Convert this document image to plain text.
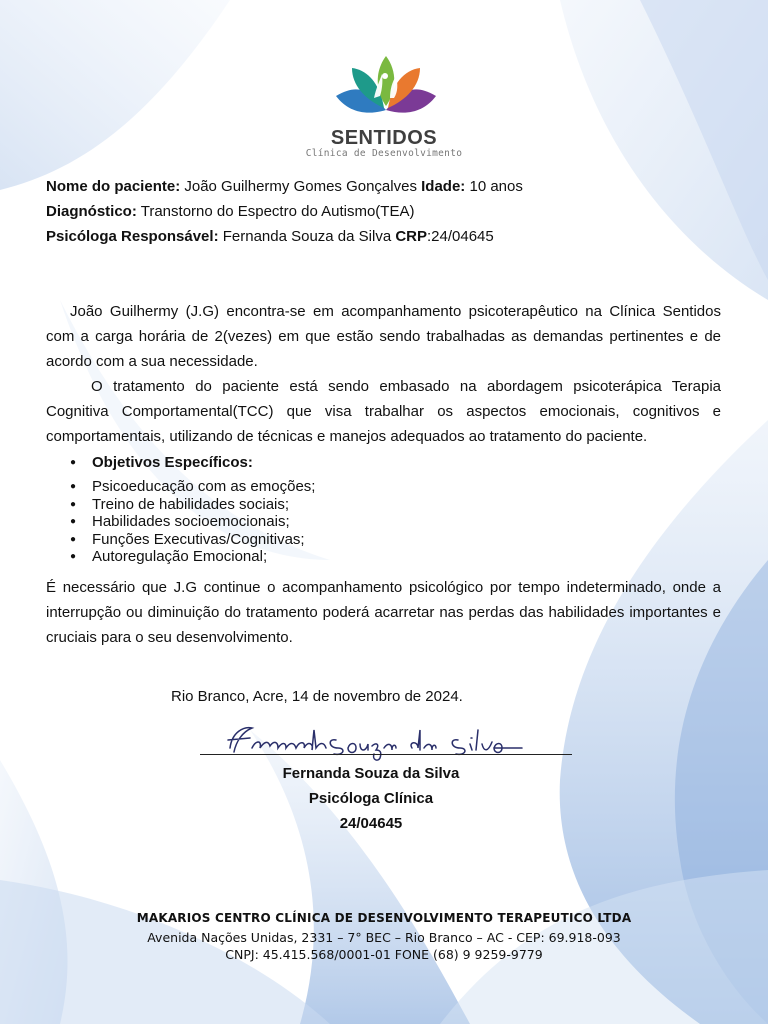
SENTIDOS
Clínica de Desenvolvimento
Nome do paciente: João Guilhermy Gomes Gonçalves Idade: 10 anos
Diagnóstico: Transtorno do Espectro do Autismo(TEA)
Psicóloga Responsável: Fernanda Souza da Silva CRP:24/04645
João Guilhermy (J.G) encontra-se em acompanhamento psicoterapêutico na Clínica Sentidos com a carga horária de 2(vezes) em que estão sendo trabalhadas as demandas pertinentes e de acordo com a sua necessidade.
O tratamento do paciente está sendo embasado na abordagem psicoterápica Terapia Cognitiva Comportamental(TCC) que visa trabalhar os aspectos emocionais, cognitivos e comportamentais, utilizando de técnicas e manejos adequados ao tratamento do paciente.
● Objetivos Específicos:
● Psicoeducação com as emoções;
● Treino de habilidades sociais;
● Habilidades socioemocionais;
● Funções Executivas/Cognitivas;
● Autoregulação Emocional;
É necessário que J.G continue o acompanhamento psicológico por tempo indeterminado, onde a interrupção ou diminuição do tratamento poderá acarretar nas perdas das habilidades importantes e cruciais para o seu desenvolvimento.
Rio Branco, Acre, 14 de novembro de 2024.
Fernanda Souza da Silva
Psicóloga Clínica
24/04645
MAKARIOS CENTRO CLÍNICA DE DESENVOLVIMENTO TERAPEUTICO LTDA
Avenida Nações Unidas, 2331 – 7° BEC – Rio Branco – AC - CEP: 69.918-093
CNPJ: 45.415.568/0001-01 FONE (68) 9 9259-9779
